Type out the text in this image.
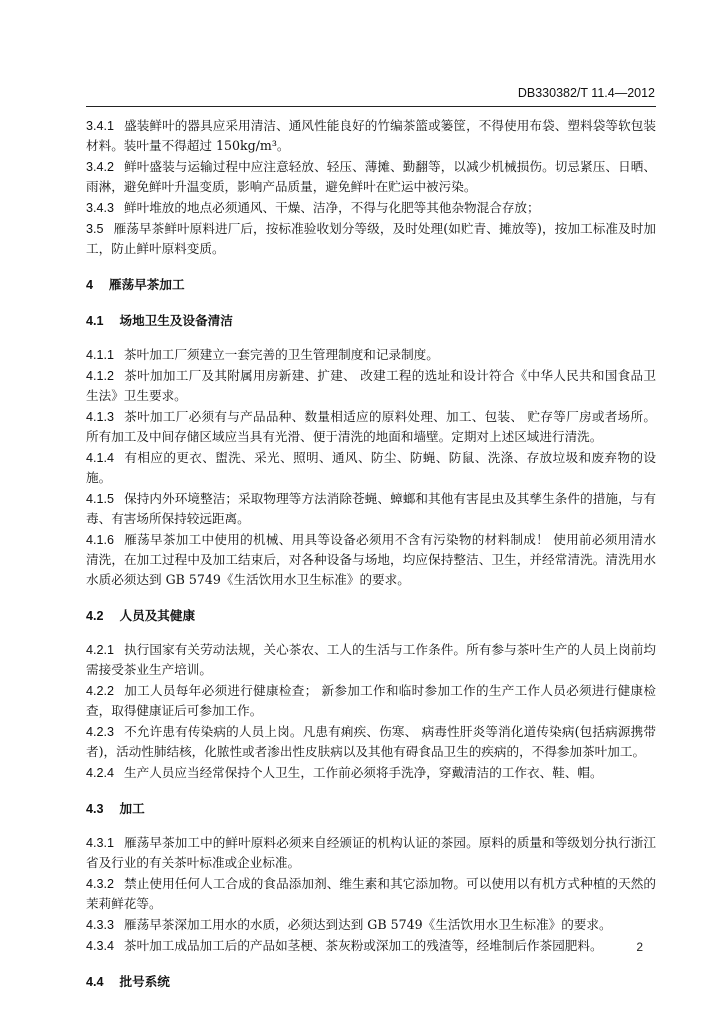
DB330382/T 11.4—2012
3.4.1 盛装鲜叶的器具应采用清洁、通风性能良好的竹编茶篮或篓筐，不得使用布袋、塑料袋等软包装材料。装叶量不得超过 150kg/m³。
3.4.2 鲜叶盛装与运输过程中应注意轻放、轻压、薄摊、勤翻等，以减少机械损伤。切忌紧压、日晒、雨淋，避免鲜叶升温变质，影响产品质量，避免鲜叶在贮运中被污染。
3.4.3 鲜叶堆放的地点必须通风、干燥、洁净，不得与化肥等其他杂物混合存放；
3.5 雁荡早茶鲜叶原料进厂后，按标准验收划分等级，及时处理(如贮青、摊放等)，按加工标准及时加工，防止鲜叶原料变质。
4 雁荡早茶加工
4.1 场地卫生及设备清洁
4.1.1 茶叶加工厂须建立一套完善的卫生管理制度和记录制度。
4.1.2 茶叶加加工厂及其附属用房新建、扩建、 改建工程的选址和设计符合《中华人民共和国食品卫生法》卫生要求。
4.1.3 茶叶加工厂必须有与产品品种、数量相适应的原料处理、加工、包装、 贮存等厂房或者场所。所有加工及中间存储区域应当具有光滑、便于清洗的地面和墙壁。定期对上述区域进行清洗。
4.1.4 有相应的更衣、盥洗、采光、照明、通风、防尘、防蝇、防鼠、洗涤、存放垃圾和废弃物的设施。
4.1.5 保持内外环境整洁；采取物理等方法消除苍蝇、蟑螂和其他有害昆虫及其孳生条件的措施，与有毒、有害场所保持较远距离。
4.1.6 雁荡早茶加工中使用的机械、用具等设备必须用不含有污染物的材料制成！ 使用前必须用清水清洗，在加工过程中及加工结束后，对各种设备与场地，均应保持整洁、卫生，并经常清洗。清洗用水水质必须达到 GB 5749《生活饮用水卫生标准》的要求。
4.2 人员及其健康
4.2.1 执行国家有关劳动法规，关心茶农、工人的生活与工作条件。所有参与茶叶生产的人员上岗前均需接受茶业生产培训。
4.2.2 加工人员每年必须进行健康检查； 新参加工作和临时参加工作的生产工作人员必须进行健康检查，取得健康证后可参加工作。
4.2.3 不允许患有传染病的人员上岗。凡患有痢疾、伤寒、 病毒性肝炎等消化道传染病(包括病源携带者)，活动性肺结核，化脓性或者渗出性皮肤病以及其他有碍食品卫生的疾病的，不得参加茶叶加工。
4.2.4 生产人员应当经常保持个人卫生，工作前必须将手洗净，穿戴清洁的工作衣、鞋、帽。
4.3 加工
4.3.1 雁荡早茶加工中的鲜叶原料必须来自经颁证的机构认证的茶园。原料的质量和等级划分执行浙江省及行业的有关茶叶标准或企业标准。
4.3.2 禁止使用任何人工合成的食品添加剂、维生素和其它添加物。可以使用以有机方式种植的天然的茉莉鲜花等。
4.3.3 雁荡早茶深加工用水的水质，必须达到达到 GB 5749《生活饮用水卫生标准》的要求。
4.3.4 茶叶加工成品加工后的产品如茎梗、茶灰粉或深加工的残渣等，经堆制后作茶园肥料。
4.4 批号系统
2
